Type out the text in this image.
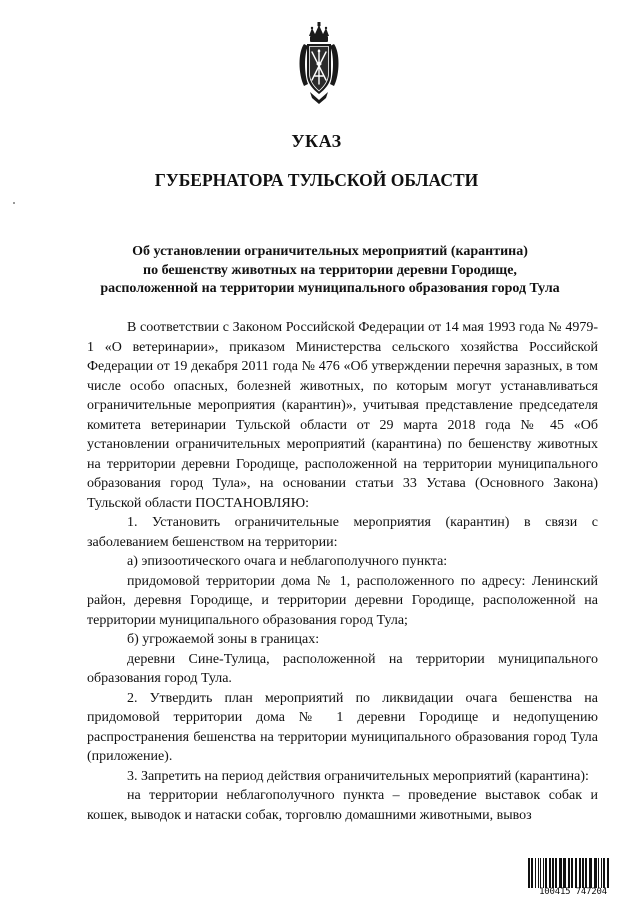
УКАЗ
ГУБЕРНАТОРА ТУЛЬСКОЙ ОБЛАСТИ
Об установлении ограничительных мероприятий (карантина)
по бешенству животных на территории деревни Городище,
расположенной на территории муниципального образования город Тула

В соответствии с Законом Российской Федерации от 14 мая 1993 года № 4979-1 «О ветеринарии», приказом Министерства сельского хозяйства Российской Федерации от 19 декабря 2011 года № 476 «Об утверждении перечня заразных, в том числе особо опасных, болезней животных, по которым могут устанавливаться ограничительные мероприятия (карантин)», учитывая представление председателя комитета ветеринарии Тульской области от 29 марта 2018 года № 45 «Об установлении ограничительных мероприятий (карантина) по бешенству животных на территории деревни Городище, расположенной на территории муниципального образования город Тула», на основании статьи 33 Устава (Основного Закона) Тульской области ПОСТАНОВЛЯЮ:

1. Установить ограничительные мероприятия (карантин) в связи с заболеванием бешенством на территории:

а) эпизоотического очага и неблагополучного пункта:

придомовой территории дома № 1, расположенного по адресу: Ленинский район, деревня Городище, и территории деревни Городище, расположенной на территории муниципального образования город Тула;

б) угрожаемой зоны в границах:

деревни Сине-Тулица, расположенной на территории муниципального образования город Тула.

2. Утвердить план мероприятий по ликвидации очага бешенства на придомовой территории дома № 1 деревни Городище и недопущению распространения бешенства на территории муниципального образования город Тула (приложение).

3. Запретить на период действия ограничительных мероприятий (карантина):

на территории неблагополучного пункта – проведение выставок собак и кошек, выводок и натаски собак, торговлю домашними животными, вывоз

100415 747204
